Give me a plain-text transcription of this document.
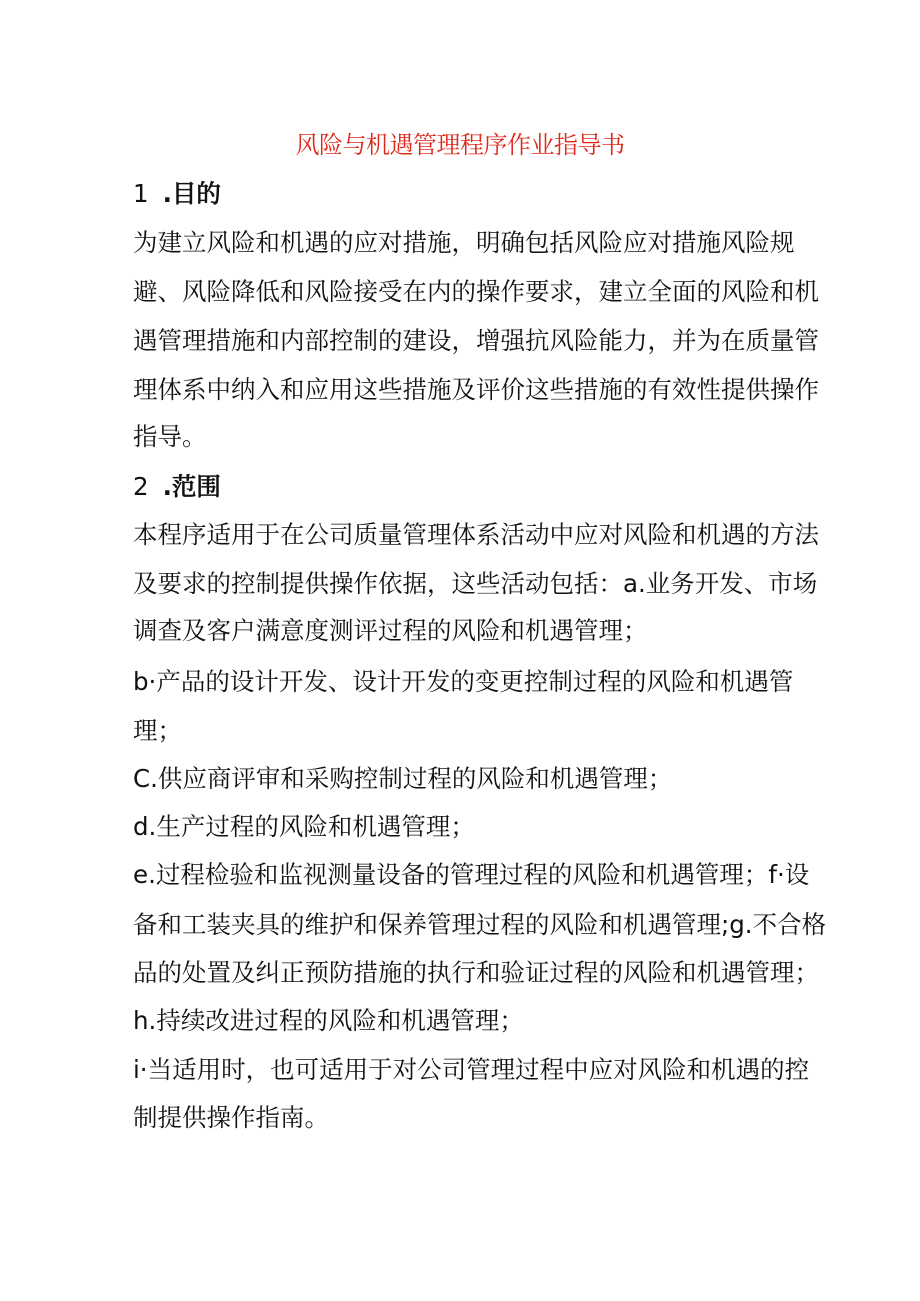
风险与机遇管理程序作业指导书
1 .目的
为建立风险和机遇的应对措施，明确包括风险应对措施风险规
避、风险降低和风险接受在内的操作要求，建立全面的风险和机
遇管理措施和内部控制的建设，增强抗风险能力，并为在质量管
理体系中纳入和应用这些措施及评价这些措施的有效性提供操作
指导。
2 .范围
本程序适用于在公司质量管理体系活动中应对风险和机遇的方法
及要求的控制提供操作依据，这些活动包括：a.业务开发、市场
调查及客户满意度测评过程的风险和机遇管理；
b·产品的设计开发、设计开发的变更控制过程的风险和机遇管
理；
C.供应商评审和采购控制过程的风险和机遇管理；
d.生产过程的风险和机遇管理；
e.过程检验和监视测量设备的管理过程的风险和机遇管理；f·设
备和工装夹具的维护和保养管理过程的风险和机遇管理;g.不合格
品的处置及纠正预防措施的执行和验证过程的风险和机遇管理；
h.持续改进过程的风险和机遇管理；
i·当适用时，也可适用于对公司管理过程中应对风险和机遇的控
制提供操作指南。
